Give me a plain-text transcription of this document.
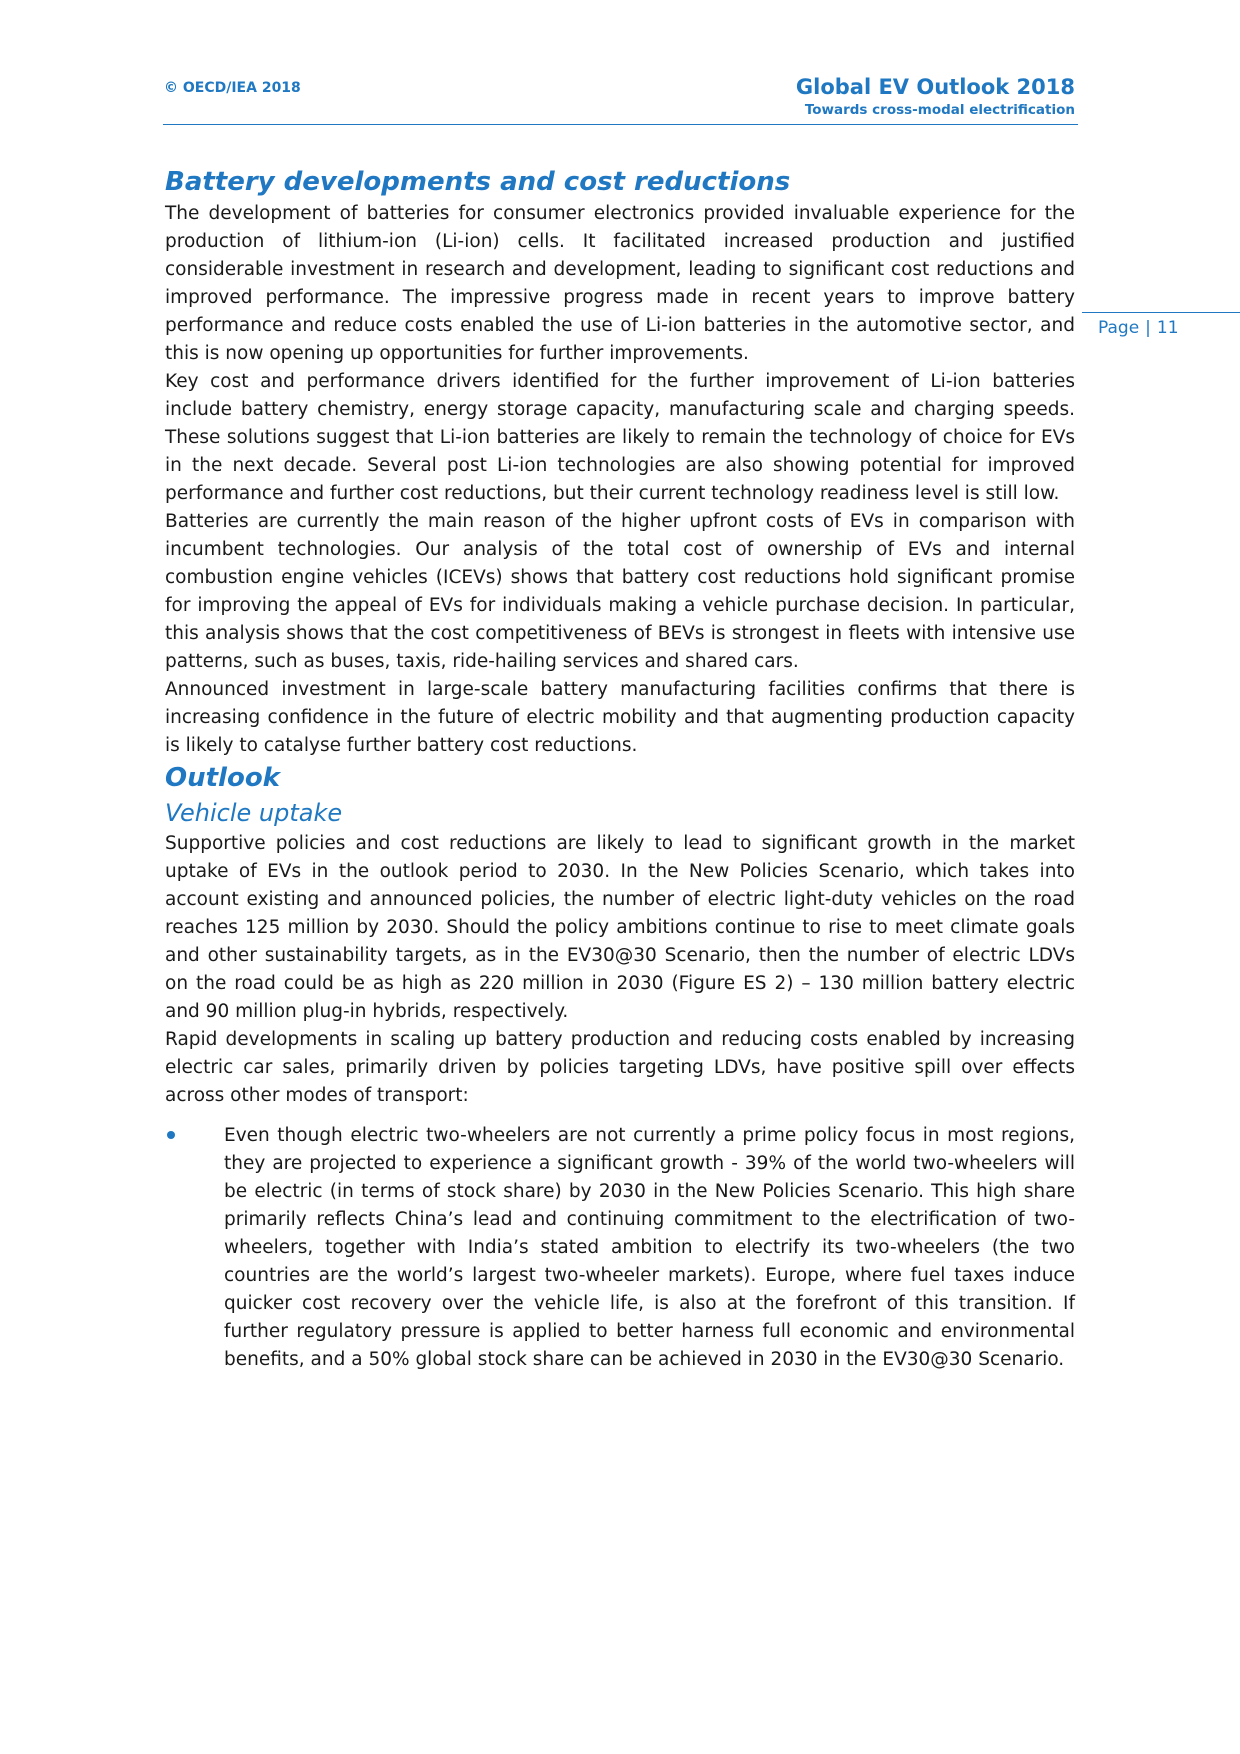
© OECD/IEA 2018	Global EV Outlook 2018
Towards cross-modal electrification
Page | 11
Battery developments and cost reductions

The development of batteries for consumer electronics provided invaluable experience for the production of lithium-ion (Li-ion) cells. It facilitated increased production and justified considerable investment in research and development, leading to significant cost reductions and improved performance. The impressive progress made in recent years to improve battery performance and reduce costs enabled the use of Li-ion batteries in the automotive sector, and this is now opening up opportunities for further improvements.

Key cost and performance drivers identified for the further improvement of Li-ion batteries include battery chemistry, energy storage capacity, manufacturing scale and charging speeds. These solutions suggest that Li-ion batteries are likely to remain the technology of choice for EVs in the next decade. Several post Li-ion technologies are also showing potential for improved performance and further cost reductions, but their current technology readiness level is still low.

Batteries are currently the main reason of the higher upfront costs of EVs in comparison with incumbent technologies. Our analysis of the total cost of ownership of EVs and internal combustion engine vehicles (ICEVs) shows that battery cost reductions hold significant promise for improving the appeal of EVs for individuals making a vehicle purchase decision. In particular, this analysis shows that the cost competitiveness of BEVs is strongest in fleets with intensive use patterns, such as buses, taxis, ride-hailing services and shared cars.

Announced investment in large-scale battery manufacturing facilities confirms that there is increasing confidence in the future of electric mobility and that augmenting production capacity is likely to catalyse further battery cost reductions.

Outlook
Vehicle uptake

Supportive policies and cost reductions are likely to lead to significant growth in the market uptake of EVs in the outlook period to 2030. In the New Policies Scenario, which takes into account existing and announced policies, the number of electric light-duty vehicles on the road reaches 125 million by 2030. Should the policy ambitions continue to rise to meet climate goals and other sustainability targets, as in the EV30@30 Scenario, then the number of electric LDVs on the road could be as high as 220 million in 2030 (Figure ES 2) – 130 million battery electric and 90 million plug-in hybrids, respectively.

Rapid developments in scaling up battery production and reducing costs enabled by increasing electric car sales, primarily driven by policies targeting LDVs, have positive spill over effects across other modes of transport:

Even though electric two-wheelers are not currently a prime policy focus in most regions, they are projected to experience a significant growth - 39% of the world two-wheelers will be electric (in terms of stock share) by 2030 in the New Policies Scenario. This high share primarily reflects China’s lead and continuing commitment to the electrification of two-wheelers, together with India’s stated ambition to electrify its two-wheelers (the two countries are the world’s largest two-wheeler markets). Europe, where fuel taxes induce quicker cost recovery over the vehicle life, is also at the forefront of this transition. If further regulatory pressure is applied to better harness full economic and environmental benefits, and a 50% global stock share can be achieved in 2030 in the EV30@30 Scenario.
